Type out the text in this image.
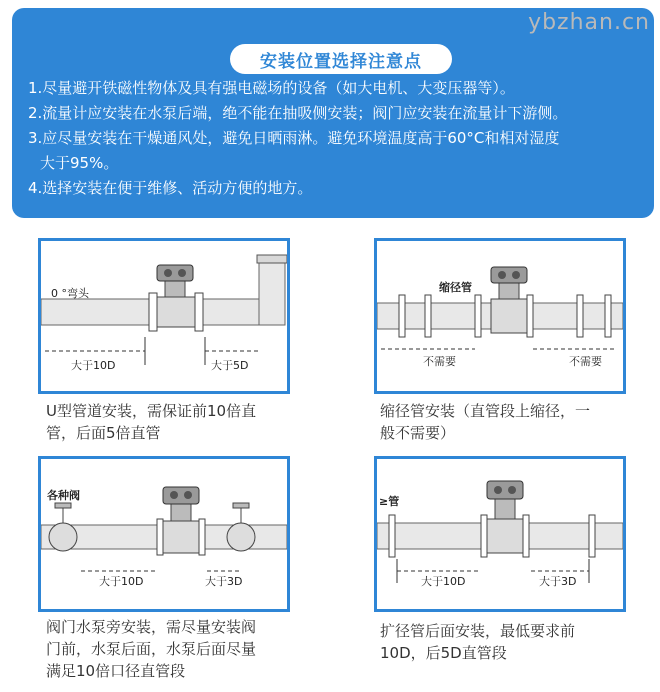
安装位置选择注意点
1.尽量避开铁磁性物体及具有强电磁场的设备（如大电机、大变压器等）。
2.流量计应安装在水泵后端，绝不能在抽吸侧安装；阀门应安装在流量计下游侧。
3.应尽量安装在干燥通风处，避免日晒雨淋。避免环境温度高于60°C和相对湿度
大于95%。
4.选择安装在便于维修、活动方便的地方。
ybzhan.cn
0 °弯头
大于10D	大于5D
U型管道安装，需保证前10倍直
管，后面5倍直管
缩径管
不需要	不需要
缩径管安装（直管段上缩径，一
般不需要）
各种阀
大于10D	大于3D
阀门水泵旁安装，需尽量安装阀
门前，水泵后面，水泵后面尽量
满足10倍口径直管段
≥管
大于10D	大于3D
扩径管后面安装，最低要求前
10D，后5D直管段
